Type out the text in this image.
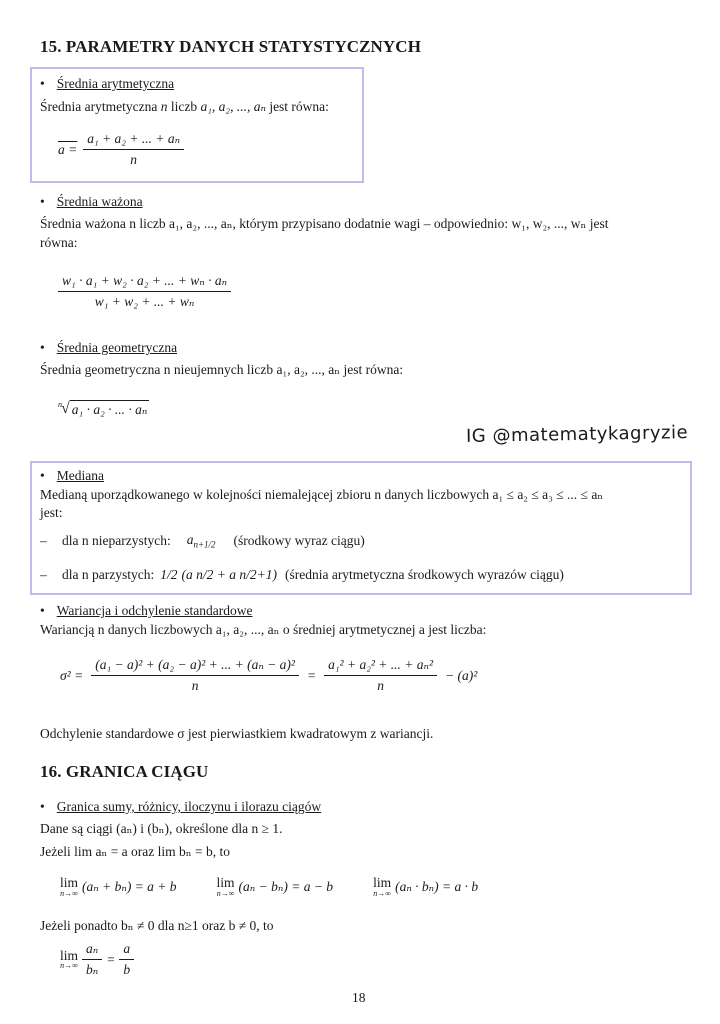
15. PARAMETRY DANYCH STATYSTYCZNYCH
• Średnia arytmetyczna
Średnia arytmetyczna n liczb a₁, a₂, ..., aₙ jest równa:
$a = \frac{\text{a₁ + a₂ + ... + aₙ}}{n}$
• Średnia ważona
Średnia ważona n liczb a₁, a₂, ..., aₙ, którym przypisano dodatnie wagi – odpowiednio: w₁, w₂, ..., wₙ jest
równa:
$\frac{\text{w₁ · a₁ + w₂ · a₂ + ... + wₙ · aₙ}}{\text{w₁ + w₂ + ... + wₙ}}$
• Średnia geometryczna
Średnia geometryczna n nieujemnych liczb a₁, a₂, ..., aₙ jest równa:
n √ a₁ · a₂ · ... · aₙ
IG @matematykagryzie
• Mediana
Medianą uporządkowanego w kolejności niemalejącej zbioru n danych liczbowych a₁ ≤ a₂ ≤ a₃ ≤ ... ≤ aₙ
jest:
–	dla n nieparzystych: $a_{n+1/2}$ (środkowy wyraz ciągu)
–	dla n parzystych: 1/2 (a n/2 + a n/2+1) (średnia arytmetyczna środkowych wyrazów ciągu)
• Wariancja i odchylenie standardowe
Wariancją n danych liczbowych a₁, a₂, ..., aₙ o średniej arytmetycznej a jest liczba:
$\sigma^2 = \frac{\text{(a₁ − a)² + (a₂ − a)² + ... + (aₙ − a)²}}{n} = \frac{\text{a₁² + a₂² + ... + aₙ²}}{n} - (a)^2$
Odchylenie standardowe σ jest pierwiastkiem kwadratowym z wariancji.
16. GRANICA CIĄGU
• Granica sumy, różnicy, iloczynu i ilorazu ciągów
Dane są ciągi (aₙ) i (bₙ), określone dla n ≥ 1.
Jeżeli lim aₙ = a oraz lim bₙ = b, to
lim
n→∞ (aₙ + bₙ) = a + b	lim
n→∞ (aₙ − bₙ) = a − b	lim
n→∞ (aₙ · bₙ) = a · b
Jeżeli ponadto bₙ ≠ 0 dla n≥1 oraz b ≠ 0, to
lim
$n\to\infty \frac{\text{aₙ}}{\text{bₙ}} = \frac{a}{b}$
18
